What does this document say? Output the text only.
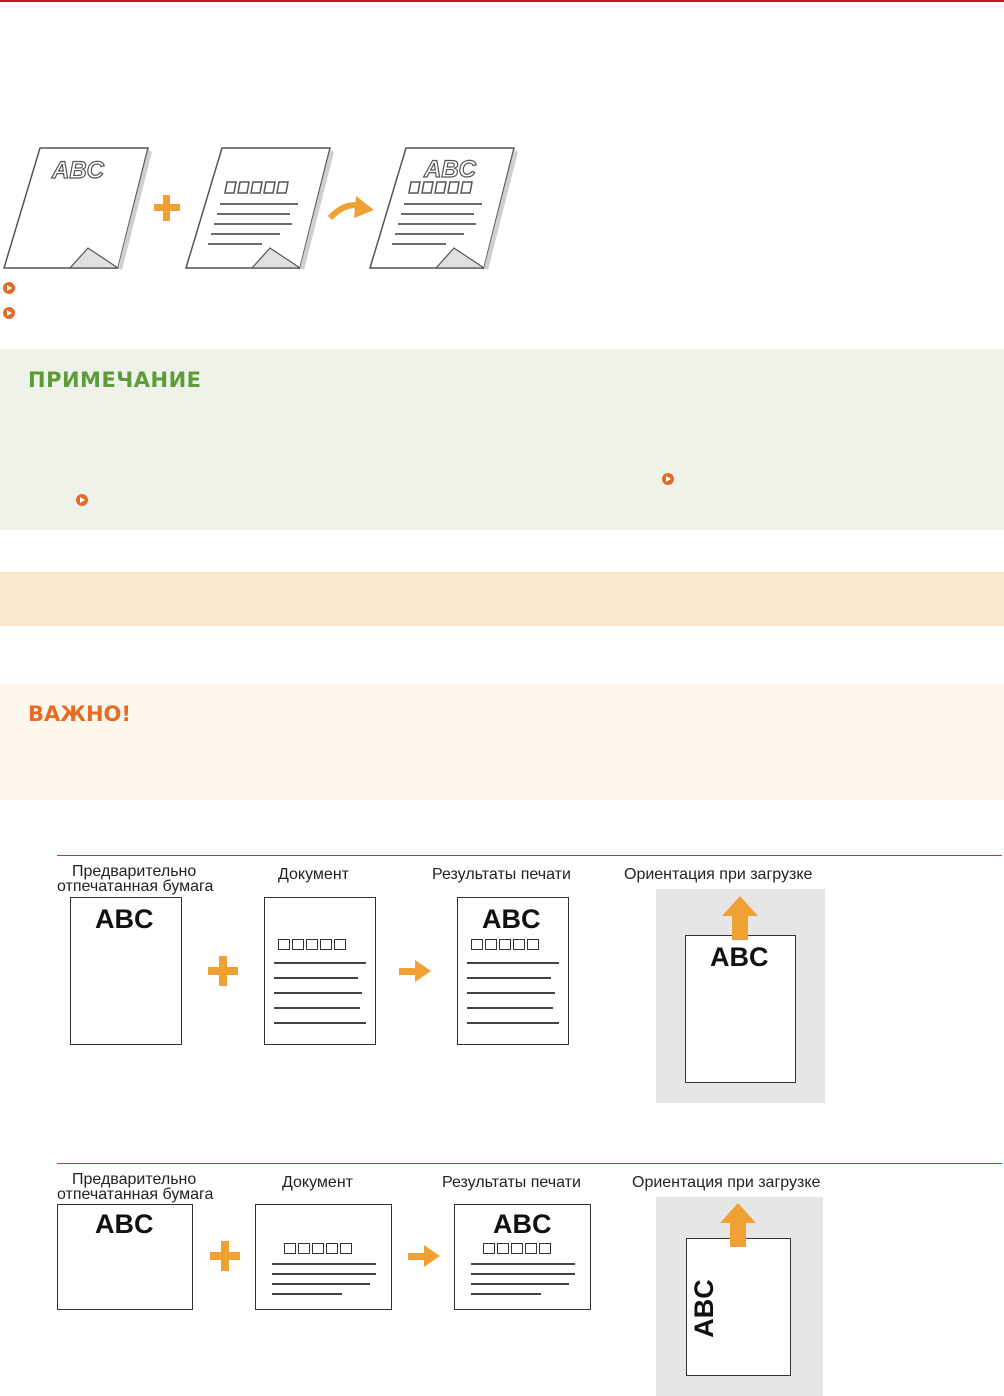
ABC	ABC
ПРИМЕЧАНИЕ
ВАЖНО!
Предварительно
отпечатанная бумага
Документ	Результаты печати	Ориентация при загрузке
ABC	ABC
ABC
Предварительно
отпечатанная бумага
Документ	Результаты печати	Ориентация при загрузке
ABC	ABC
ABC
